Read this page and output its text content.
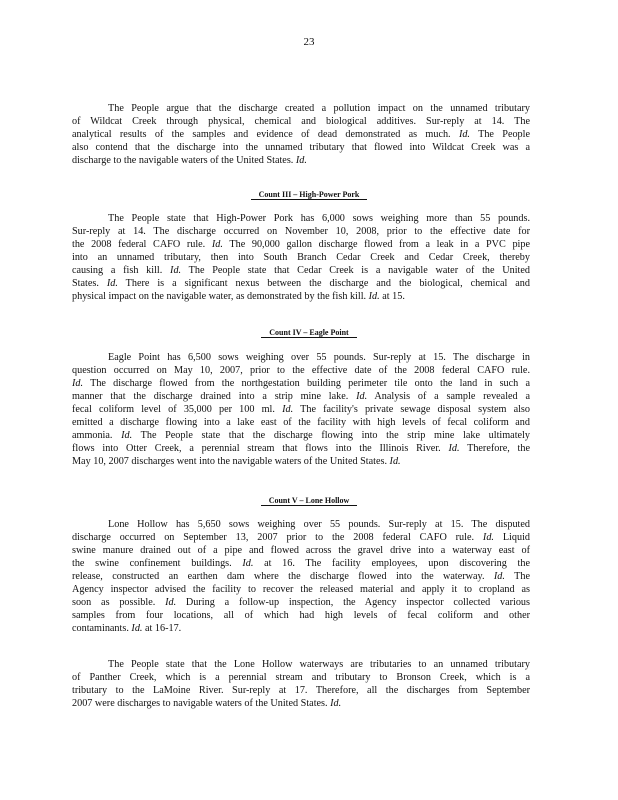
23
The People argue that the discharge created a pollution impact on the unnamed tributary
of Wildcat Creek through physical, chemical and biological additives. Sur-reply at 14. The
analytical results of the samples and evidence of dead demonstrated as much. Id. The People
also contend that the discharge into the unnamed tributary that flowed into Wildcat Creek was a
discharge to the navigable waters of the United States. Id.
Count III – High-Power Pork
The People state that High-Power Pork has 6,000 sows weighing more than 55 pounds.
Sur-reply at 14. The discharge occurred on November 10, 2008, prior to the effective date for
the 2008 federal CAFO rule. Id. The 90,000 gallon discharge flowed from a leak in a PVC pipe
into an unnamed tributary, then into South Branch Cedar Creek and Cedar Creek, thereby
causing a fish kill. Id. The People state that Cedar Creek is a navigable water of the United
States. Id. There is a significant nexus between the discharge and the biological, chemical and
physical impact on the navigable water, as demonstrated by the fish kill. Id. at 15.
Count IV – Eagle Point
Eagle Point has 6,500 sows weighing over 55 pounds. Sur-reply at 15. The discharge in
question occurred on May 10, 2007, prior to the effective date of the 2008 federal CAFO rule.
Id. The discharge flowed from the northgestation building perimeter tile onto the land in such a
manner that the discharge drained into a strip mine lake. Id. Analysis of a sample revealed a
fecal coliform level of 35,000 per 100 ml. Id. The facility's private sewage disposal system also
emitted a discharge flowing into a lake east of the facility with high levels of fecal coliform and
ammonia. Id. The People state that the discharge flowing into the strip mine lake ultimately
flows into Otter Creek, a perennial stream that flows into the Illinois River. Id. Therefore, the
May 10, 2007 discharges went into the navigable waters of the United States. Id.
Count V – Lone Hollow
Lone Hollow has 5,650 sows weighing over 55 pounds. Sur-reply at 15. The disputed
discharge occurred on September 13, 2007 prior to the 2008 federal CAFO rule. Id. Liquid
swine manure drained out of a pipe and flowed across the gravel drive into a waterway east of
the swine confinement buildings. Id. at 16. The facility employees, upon discovering the
release, constructed an earthen dam where the discharge flowed into the waterway. Id. The
Agency inspector advised the facility to recover the released material and apply it to cropland as
soon as possible. Id. During a follow-up inspection, the Agency inspector collected various
samples from four locations, all of which had high levels of fecal coliform and other
contaminants. Id. at 16-17.
The People state that the Lone Hollow waterways are tributaries to an unnamed tributary
of Panther Creek, which is a perennial stream and tributary to Bronson Creek, which is a
tributary to the LaMoine River. Sur-reply at 17. Therefore, all the discharges from September
2007 were discharges to navigable waters of the United States. Id.
